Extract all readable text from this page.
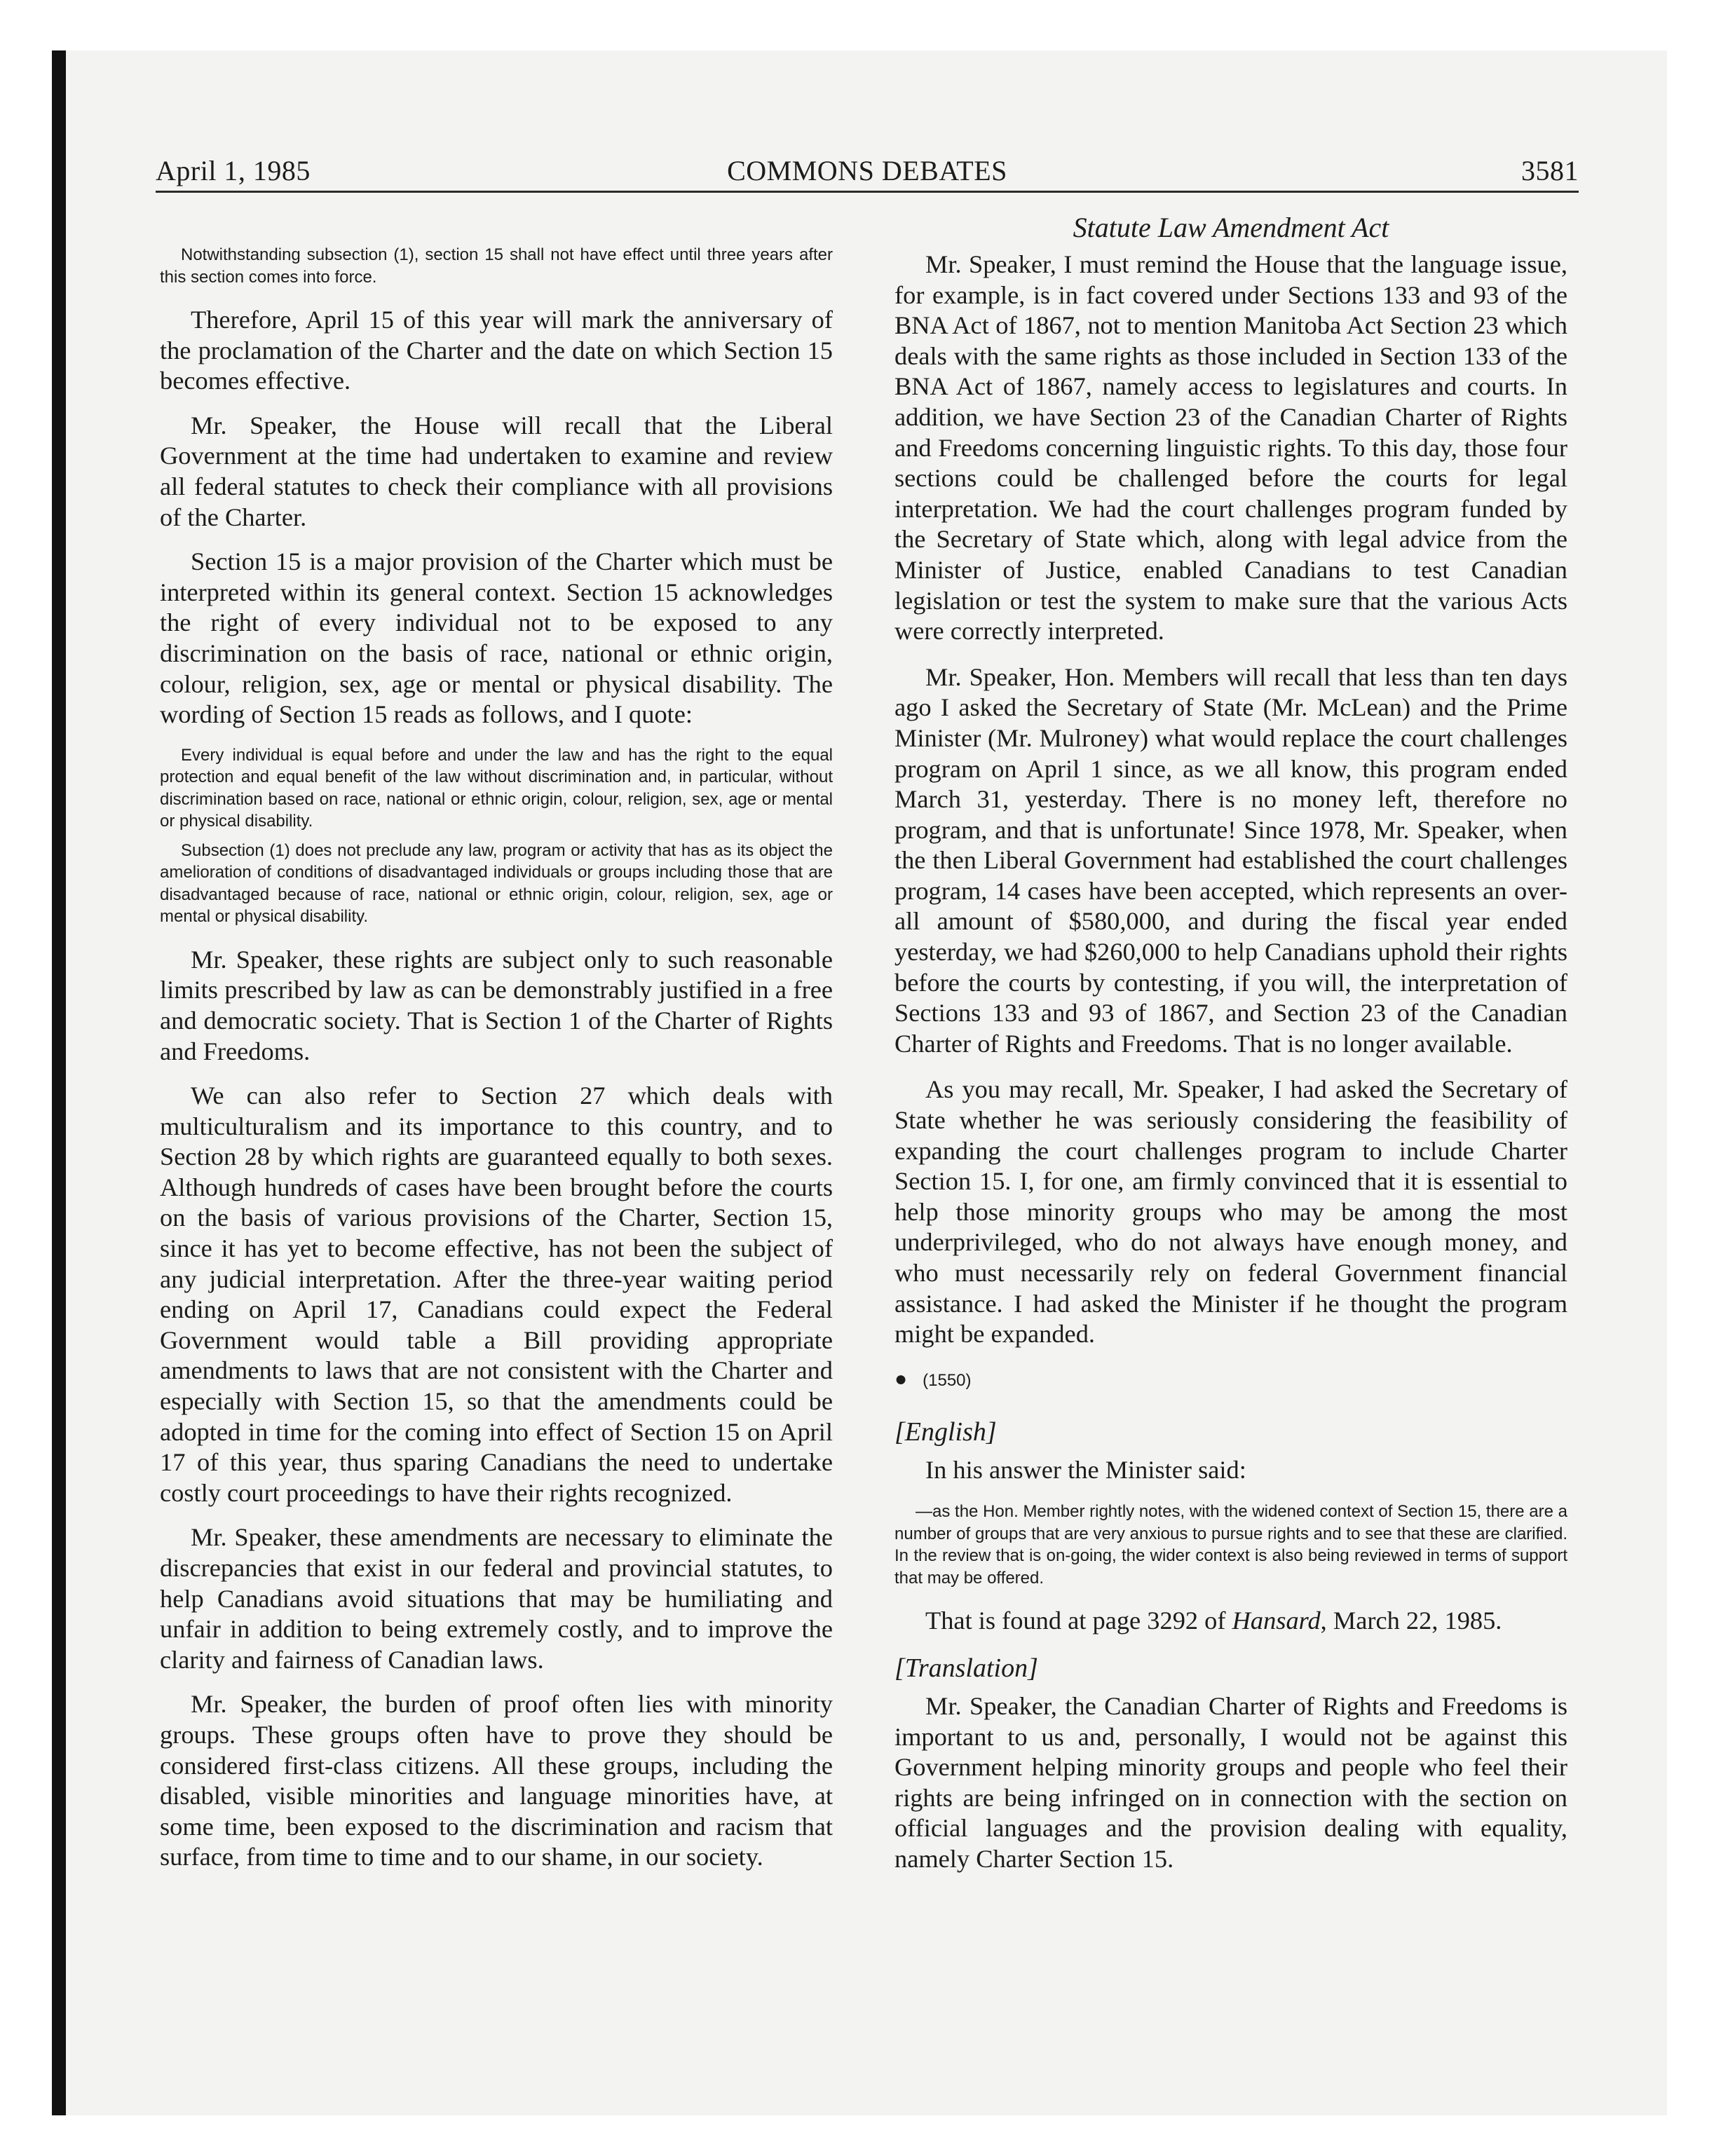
April 1, 1985	COMMONS DEBATES	3581

Notwithstanding subsection (1), section 15 shall not have effect until three years after this section comes into force.

Therefore, April 15 of this year will mark the anniversary of the proclamation of the Charter and the date on which Section 15 becomes effective.

Mr. Speaker, the House will recall that the Liberal Government at the time had undertaken to examine and review all federal statutes to check their compliance with all provisions of the Charter.

Section 15 is a major provision of the Charter which must be interpreted within its general context. Section 15 acknowledges the right of every individual not to be exposed to any discrimination on the basis of race, national or ethnic origin, colour, religion, sex, age or mental or physical disability. The wording of Section 15 reads as follows, and I quote:

Every individual is equal before and under the law and has the right to the equal protection and equal benefit of the law without discrimination and, in particular, without discrimination based on race, national or ethnic origin, colour, religion, sex, age or mental or physical disability.

Subsection (1) does not preclude any law, program or activity that has as its object the amelioration of conditions of disadvantaged individuals or groups including those that are disadvantaged because of race, national or ethnic origin, colour, religion, sex, age or mental or physical disability.

Mr. Speaker, these rights are subject only to such reasonable limits prescribed by law as can be demonstrably justified in a free and democratic society. That is Section 1 of the Charter of Rights and Freedoms.

We can also refer to Section 27 which deals with multiculturalism and its importance to this country, and to Section 28 by which rights are guaranteed equally to both sexes. Although hundreds of cases have been brought before the courts on the basis of various provisions of the Charter, Section 15, since it has yet to become effective, has not been the subject of any judicial interpretation. After the three-year waiting period ending on April 17, Canadians could expect the Federal Government would table a Bill providing appropriate amendments to laws that are not consistent with the Charter and especially with Section 15, so that the amendments could be adopted in time for the coming into effect of Section 15 on April 17 of this year, thus sparing Canadians the need to undertake costly court proceedings to have their rights recognized.

Mr. Speaker, these amendments are necessary to eliminate the discrepancies that exist in our federal and provincial statutes, to help Canadians avoid situations that may be humiliating and unfair in addition to being extremely costly, and to improve the clarity and fairness of Canadian laws.

Mr. Speaker, the burden of proof often lies with minority groups. These groups often have to prove they should be considered first-class citizens. All these groups, including the disabled, visible minorities and language minorities have, at some time, been exposed to the discrimination and racism that surface, from time to time and to our shame, in our society.

Statute Law Amendment Act

Mr. Speaker, I must remind the House that the language issue, for example, is in fact covered under Sections 133 and 93 of the BNA Act of 1867, not to mention Manitoba Act Section 23 which deals with the same rights as those included in Section 133 of the BNA Act of 1867, namely access to legislatures and courts. In addition, we have Section 23 of the Canadian Charter of Rights and Freedoms concerning linguistic rights. To this day, those four sections could be challenged before the courts for legal interpretation. We had the court challenges program funded by the Secretary of State which, along with legal advice from the Minister of Justice, enabled Canadians to test Canadian legislation or test the system to make sure that the various Acts were correctly interpreted.

Mr. Speaker, Hon. Members will recall that less than ten days ago I asked the Secretary of State (Mr. McLean) and the Prime Minister (Mr. Mulroney) what would replace the court challenges program on April 1 since, as we all know, this program ended March 31, yesterday. There is no money left, therefore no program, and that is unfortunate! Since 1978, Mr. Speaker, when the then Liberal Government had established the court challenges program, 14 cases have been accepted, which represents an over-all amount of $580,000, and during the fiscal year ended yesterday, we had $260,000 to help Canadians uphold their rights before the courts by contesting, if you will, the interpretation of Sections 133 and 93 of 1867, and Section 23 of the Canadian Charter of Rights and Freedoms. That is no longer available.

As you may recall, Mr. Speaker, I had asked the Secretary of State whether he was seriously considering the feasibility of expanding the court challenges program to include Charter Section 15. I, for one, am firmly convinced that it is essential to help those minority groups who may be among the most underprivileged, who do not always have enough money, and who must necessarily rely on federal Government financial assistance. I had asked the Minister if he thought the program might be expanded.

● (1550)
[English]

In his answer the Minister said:

—as the Hon. Member rightly notes, with the widened context of Section 15, there are a number of groups that are very anxious to pursue rights and to see that these are clarified. In the review that is on-going, the wider context is also being reviewed in terms of support that may be offered.

That is found at page 3292 of Hansard, March 22, 1985.

[Translation]

Mr. Speaker, the Canadian Charter of Rights and Freedoms is important to us and, personally, I would not be against this Government helping minority groups and people who feel their rights are being infringed on in connection with the section on official languages and the provision dealing with equality, namely Charter Section 15.
